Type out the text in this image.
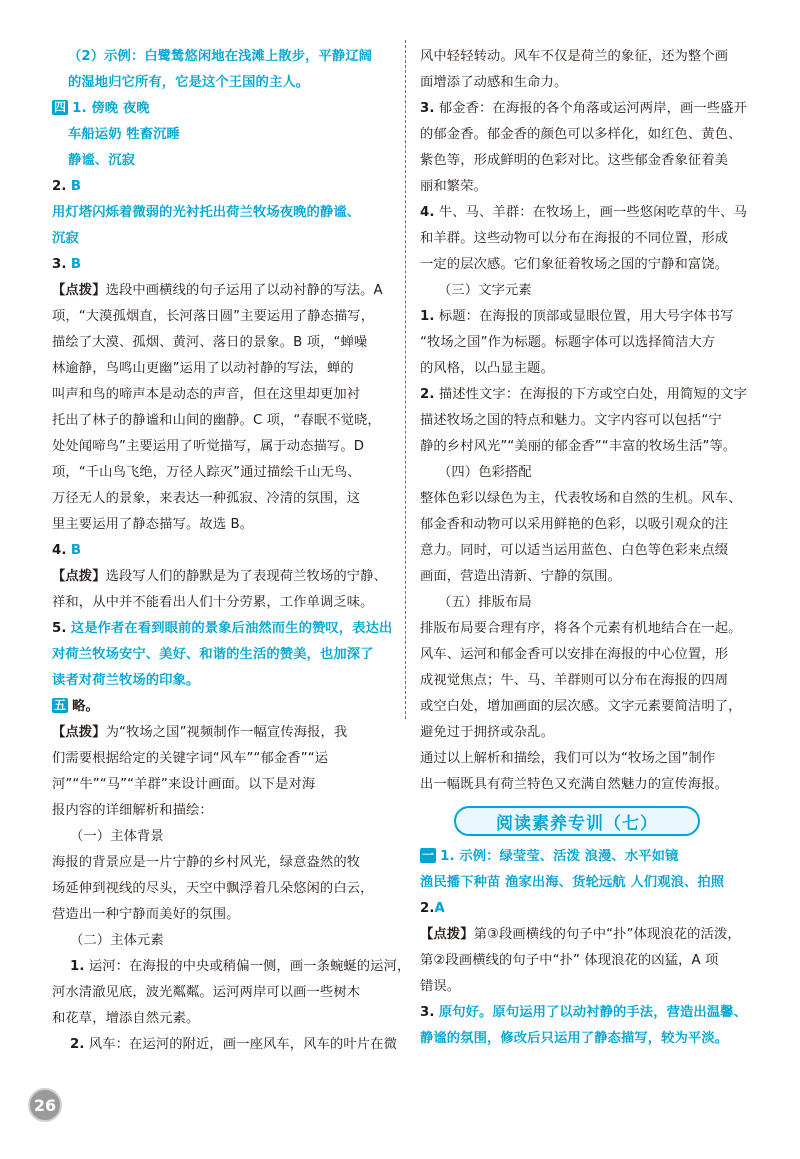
（2）示例：白鹭鸶悠闲地在浅滩上散步，平静辽阔
的湿地归它所有，它是这个王国的主人。
四 1. 傍晚 夜晚
车船运奶 牲畜沉睡
静谧、沉寂
2. B
用灯塔闪烁着微弱的光衬托出荷兰牧场夜晚的静谧、
沉寂
3. B
【点拨】选段中画横线的句子运用了以动衬静的写法。A
项，“大漠孤烟直，长河落日圆”主要运用了静态描写，
描绘了大漠、孤烟、黄河、落日的景象。B 项，“蝉噪
林逾静，鸟鸣山更幽”运用了以动衬静的写法，蝉的
叫声和鸟的啼声本是动态的声音，但在这里却更加衬
托出了林子的静谧和山间的幽静。C 项，“春眠不觉晓，
处处闻啼鸟”主要运用了听觉描写，属于动态描写。D
项，“千山鸟飞绝，万径人踪灭”通过描绘千山无鸟、
万径无人的景象，来表达一种孤寂、冷清的氛围，这
里主要运用了静态描写。故选 B。
4. B
【点拨】选段写人们的静默是为了表现荷兰牧场的宁静、
祥和，从中并不能看出人们十分劳累，工作单调乏味。
5. 这是作者在看到眼前的景象后油然而生的赞叹，表达出
对荷兰牧场安宁、美好、和谐的生活的赞美，也加深了
读者对荷兰牧场的印象。
五 略。
【点拨】为“牧场之国”视频制作一幅宣传海报，我
们需要根据给定的关键字词“风车”“郁金香”“运
河”“牛”“马”“羊群”来设计画面。以下是对海
报内容的详细解析和描绘：
（一）主体背景
海报的背景应是一片宁静的乡村风光，绿意盎然的牧
场延伸到视线的尽头，天空中飘浮着几朵悠闲的白云，
营造出一种宁静而美好的氛围。
（二）主体元素
1. 运河：在海报的中央或稍偏一侧，画一条蜿蜒的运河，
河水清澈见底，波光粼粼。运河两岸可以画一些树木
和花草，增添自然元素。
2. 风车：在运河的附近，画一座风车，风车的叶片在微
风中轻轻转动。风车不仅是荷兰的象征，还为整个画
面增添了动感和生命力。
3. 郁金香：在海报的各个角落或运河两岸，画一些盛开
的郁金香。郁金香的颜色可以多样化，如红色、黄色、
紫色等，形成鲜明的色彩对比。这些郁金香象征着美
丽和繁荣。
4. 牛、马、羊群：在牧场上，画一些悠闲吃草的牛、马
和羊群。这些动物可以分布在海报的不同位置，形成
一定的层次感。它们象征着牧场之国的宁静和富饶。
（三）文字元素
1. 标题：在海报的顶部或显眼位置，用大号字体书写
“牧场之国”作为标题。标题字体可以选择简洁大方
的风格，以凸显主题。
2. 描述性文字：在海报的下方或空白处，用简短的文字
描述牧场之国的特点和魅力。文字内容可以包括“宁
静的乡村风光”“美丽的郁金香”“丰富的牧场生活”等。
（四）色彩搭配
整体色彩以绿色为主，代表牧场和自然的生机。风车、
郁金香和动物可以采用鲜艳的色彩，以吸引观众的注
意力。同时，可以适当运用蓝色、白色等色彩来点缀
画面，营造出清新、宁静的氛围。
（五）排版布局
排版布局要合理有序，将各个元素有机地结合在一起。
风车、运河和郁金香可以安排在海报的中心位置，形
成视觉焦点；牛、马、羊群则可以分布在海报的四周
或空白处，增加画面的层次感。文字元素要简洁明了，
避免过于拥挤或杂乱。
通过以上解析和描绘，我们可以为“牧场之国”制作
出一幅既具有荷兰特色又充满自然魅力的宣传海报。
阅读素养专训（七）
一 1. 示例：绿莹莹、活泼 浪漫、水平如镜
渔民播下种苗 渔家出海、货轮远航 人们观浪、拍照
2.A
【点拨】第③段画横线的句子中“扑”体现浪花的活泼，
第②段画横线的句子中“扑” 体现浪花的凶猛，A 项
错误。
3. 原句好。原句运用了以动衬静的手法，营造出温馨、
静谧的氛围，修改后只运用了静态描写，较为平淡。
26
